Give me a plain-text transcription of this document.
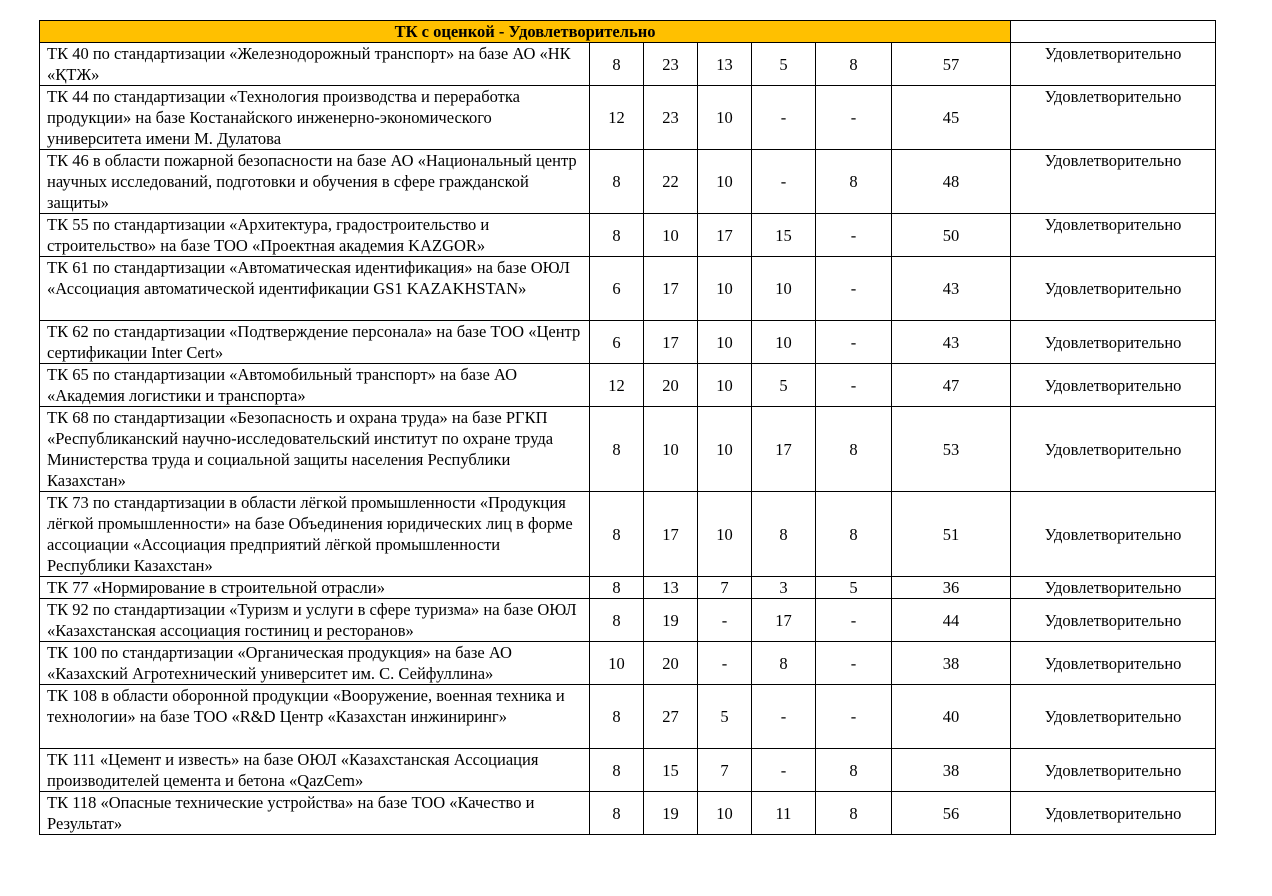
ТК с оценкой - Удовлетворительно							
ТК 40 по стандартизации «Железнодорожный транспорт» на базе АО «НК «ҚТЖ»	8	23	13	5	8	57	Удовлетворительно
ТК 44 по стандартизации «Технология производства и переработка продукции» на базе Костанайского инженерно-экономического университета имени М. Дулатова	12	23	10	-	-	45	Удовлетворительно
ТК 46 в области пожарной безопасности на базе АО «Национальный центр научных исследований, подготовки и обучения в сфере гражданской защиты»	8	22	10	-	8	48	Удовлетворительно
ТК 55 по стандартизации «Архитектура, градостроительство и строительство» на базе ТОО «Проектная академия KAZGOR»	8	10	17	15	-	50	Удовлетворительно
ТК 61 по стандартизации «Автоматическая идентификация» на базе ОЮЛ «Ассоциация автоматической идентификации GS1 KAZAKHSTAN»	6	17	10	10	-	43	Удовлетворительно
ТК 62 по стандартизации «Подтверждение персонала» на базе ТОО «Центр сертификации Inter Cert»	6	17	10	10	-	43	Удовлетворительно
ТК 65 по стандартизации «Автомобильный транспорт» на базе АО «Академия логистики и транспорта»	12	20	10	5	-	47	Удовлетворительно
ТК 68 по стандартизации «Безопасность и охрана труда» на базе РГКП «Республиканский научно-исследовательский институт по охране труда Министерства труда и социальной защиты населения Республики Казахстан»	8	10	10	17	8	53	Удовлетворительно
ТК 73 по стандартизации в области лёгкой промышленности «Продукция лёгкой промышленности» на базе Объединения юридических лиц в форме ассоциации «Ассоциация предприятий лёгкой промышленности Республики Казахстан»	8	17	10	8	8	51	Удовлетворительно
ТК 77 «Нормирование в строительной отрасли»	8	13	7	3	5	36	Удовлетворительно
ТК 92 по стандартизации «Туризм и услуги в сфере туризма» на базе ОЮЛ «Казахстанская ассоциация гостиниц и ресторанов»	8	19	-	17	-	44	Удовлетворительно
ТК 100 по стандартизации «Органическая продукция» на базе АО «Казахский Агротехнический университет им. С. Сейфуллина»	10	20	-	8	-	38	Удовлетворительно
ТК 108 в области оборонной продукции «Вооружение, военная техника и технологии» на базе ТОО «R&D Центр «Казахстан инжиниринг»	8	27	5	-	-	40	Удовлетворительно
ТК 111 «Цемент и известь» на базе ОЮЛ «Казахстанская Ассоциация производителей цемента и бетона «QazCem»	8	15	7	-	8	38	Удовлетворительно
ТК 118 «Опасные технические устройства» на базе ТОО «Качество и Результат»	8	19	10	11	8	56	Удовлетворительно
